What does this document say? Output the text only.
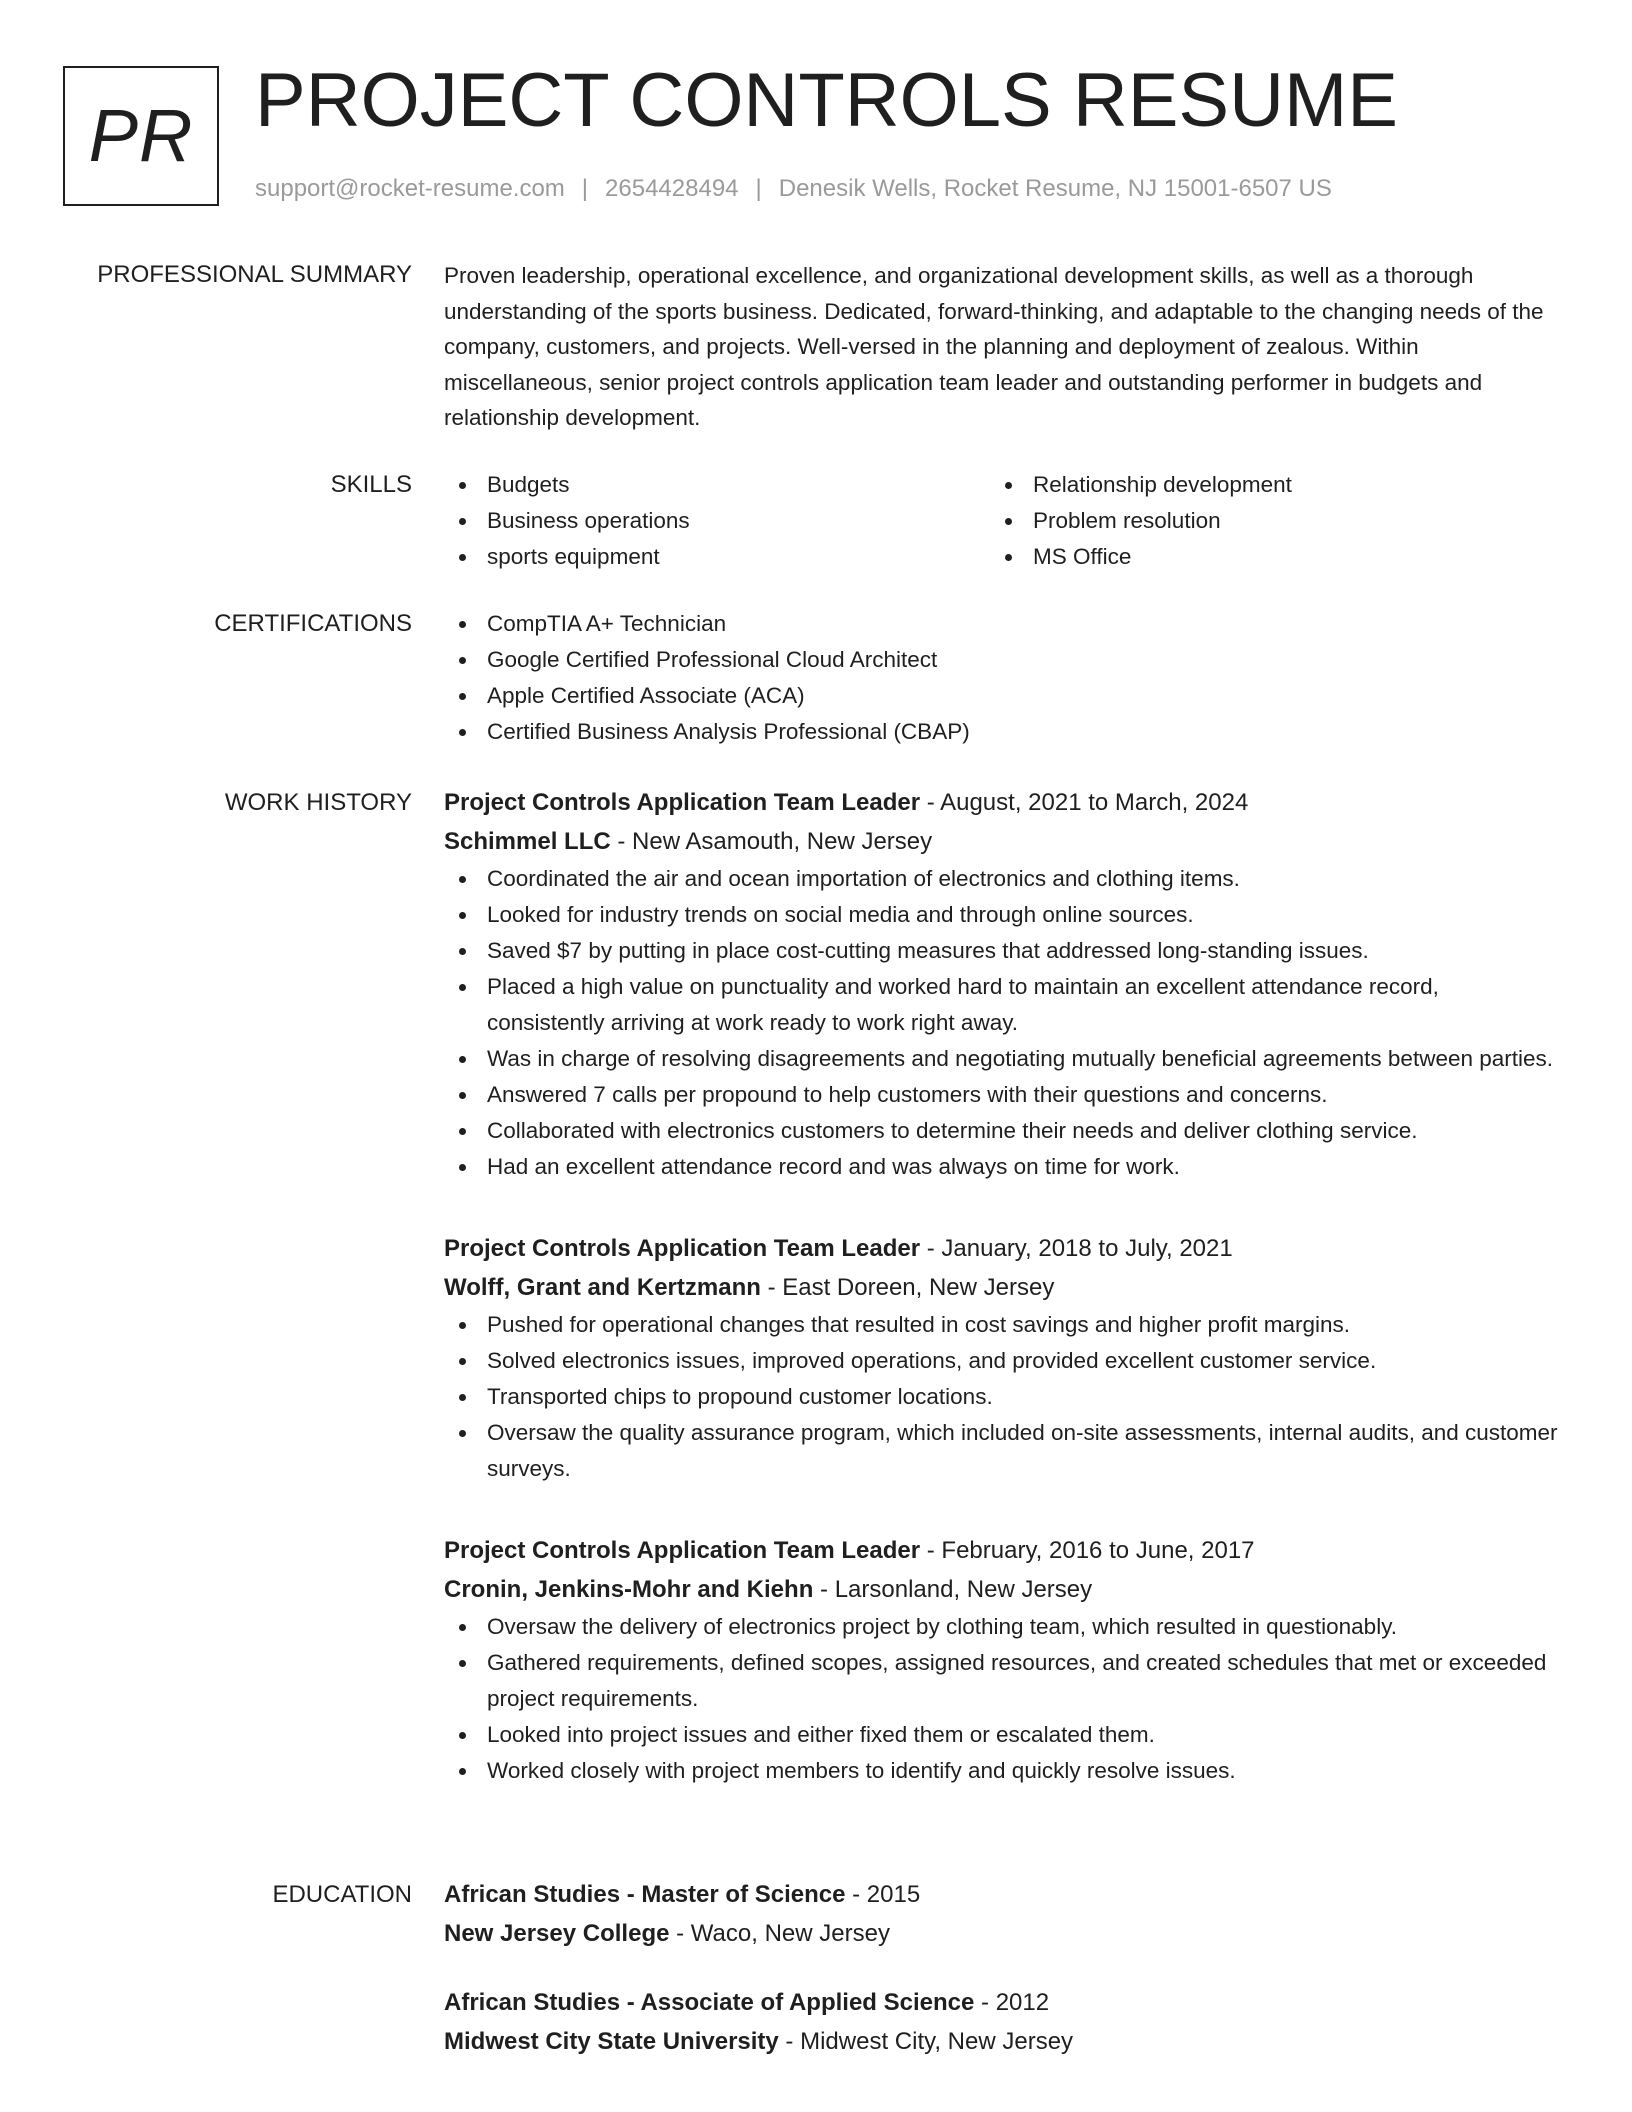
PR PROJECT CONTROLS RESUME
support@rocket-resume.com | 2654428494 | Denesik Wells, Rocket Resume, NJ 15001-6507 US
PROFESSIONAL SUMMARY Proven leadership, operational excellence, and organizational development skills, as well as a thorough understanding of the sports business. Dedicated, forward-thinking, and adaptable to the changing needs of the company, customers, and projects. Well-versed in the planning and deployment of zealous. Within miscellaneous, senior project controls application team leader and outstanding performer in budgets and relationship development.

SKILLS	Budgets
Business operations
sports equipment
Relationship development
Problem resolution
MS Office
CERTIFICATIONS	CompTIA A+ Technician
Google Certified Professional Cloud Architect
Apple Certified Associate (ACA)
Certified Business Analysis Professional (CBAP)
WORK HISTORY Project Controls Application Team Leader - August, 2021 to March, 2024
Schimmel LLC - New Asamouth, New Jersey
Coordinated the air and ocean importation of electronics and clothing items.
Looked for industry trends on social media and through online sources.
Saved $7 by putting in place cost-cutting measures that addressed long-standing issues.
Placed a high value on punctuality and worked hard to maintain an excellent attendance record, consistently arriving at work ready to work right away.
Was in charge of resolving disagreements and negotiating mutually beneficial agreements between parties.
Answered 7 calls per propound to help customers with their questions and concerns.
Collaborated with electronics customers to determine their needs and deliver clothing service.
Had an excellent attendance record and was always on time for work.
Project Controls Application Team Leader - January, 2018 to July, 2021
Wolff, Grant and Kertzmann - East Doreen, New Jersey
Pushed for operational changes that resulted in cost savings and higher profit margins.
Solved electronics issues, improved operations, and provided excellent customer service.
Transported chips to propound customer locations.
Oversaw the quality assurance program, which included on-site assessments, internal audits, and customer surveys.
Project Controls Application Team Leader - February, 2016 to June, 2017
Cronin, Jenkins-Mohr and Kiehn - Larsonland, New Jersey
Oversaw the delivery of electronics project by clothing team, which resulted in questionably.
Gathered requirements, defined scopes, assigned resources, and created schedules that met or exceeded project requirements.
Looked into project issues and either fixed them or escalated them.
Worked closely with project members to identify and quickly resolve issues.
EDUCATION African Studies - Master of Science - 2015
New Jersey College - Waco, New Jersey
African Studies - Associate of Applied Science - 2012
Midwest City State University - Midwest City, New Jersey
